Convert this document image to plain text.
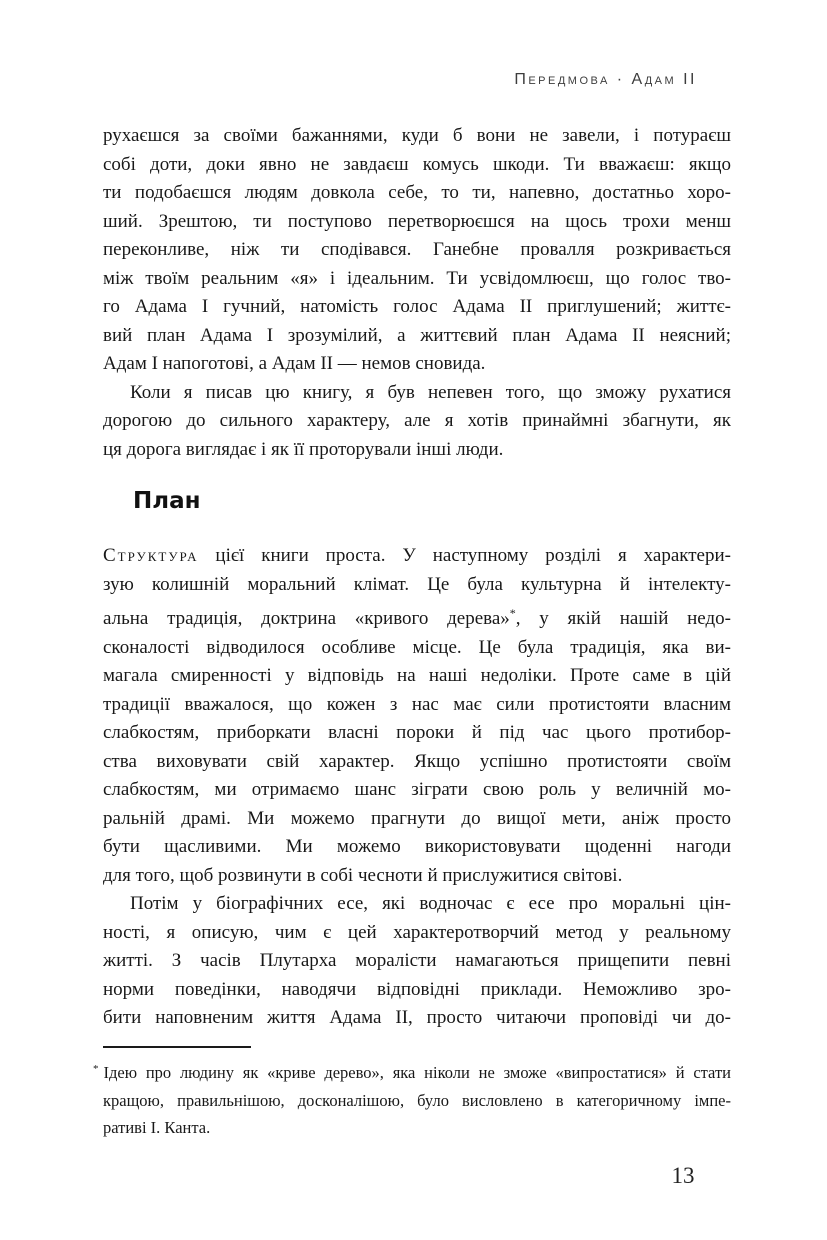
Передмова · Адам II
рухаєшся за своїми бажаннями, куди б вони не завели, і потураєш
собі доти, доки явно не завдаєш комусь шкоди. Ти вважаєш: якщо
ти подобаєшся людям довкола себе, то ти, напевно, достатньо хоро-
ший. Зрештою, ти поступово перетворюєшся на щось трохи менш
переконливе, ніж ти сподівався. Ганебне провалля розкривається
між твоїм реальним «я» і ідеальним. Ти усвідомлюєш, що голос тво-
го Адама I гучний, натомість голос Адама II приглушений; життє-
вий план Адама I зрозумілий, а життєвий план Адама II неясний;
Адам I напоготові, а Адам II — немов сновида.
Коли я писав цю книгу, я був непевен того, що зможу рухатися
дорогою до сильного характеру, але я хотів принаймні збагнути, як
ця дорога виглядає і як її проторували інші люди.
План
Структура цієї книги проста. У наступному розділі я характери-
зую колишній моральний клімат. Це була культурна й інтелекту-
альна традиція, доктрина «кривого дерева»*, у якій нашій недо-
сконалості відводилося особливе місце. Це була традиція, яка ви-
магала смиренності у відповідь на наші недоліки. Проте саме в цій
традиції вважалося, що кожен з нас має сили протистояти власним
слабкостям, приборкати власні пороки й під час цього протибор-
ства виховувати свій характер. Якщо успішно протистояти своїм
слабкостям, ми отримаємо шанс зіграти свою роль у величній мо-
ральній драмі. Ми можемо прагнути до вищої мети, аніж просто
бути щасливими. Ми можемо використовувати щоденні нагоди
для того, щоб розвинути в собі чесноти й прислужитися світові.
Потім у біографічних есе, які водночас є есе про моральні цін-
ності, я описую, чим є цей характеротворчий метод у реальному
житті. З часів Плутарха моралісти намагаються прищепити певні
норми поведінки, наводячи відповідні приклади. Неможливо зро-
бити наповненим життя Адама II, просто читаючи проповіді чи до-
* Ідею про людину як «криве дерево», яка ніколи не зможе «випростатися» й стати
кращою, правильнішою, досконалішою, було висловлено в категоричному імпе-
ративі І. Канта.
13
